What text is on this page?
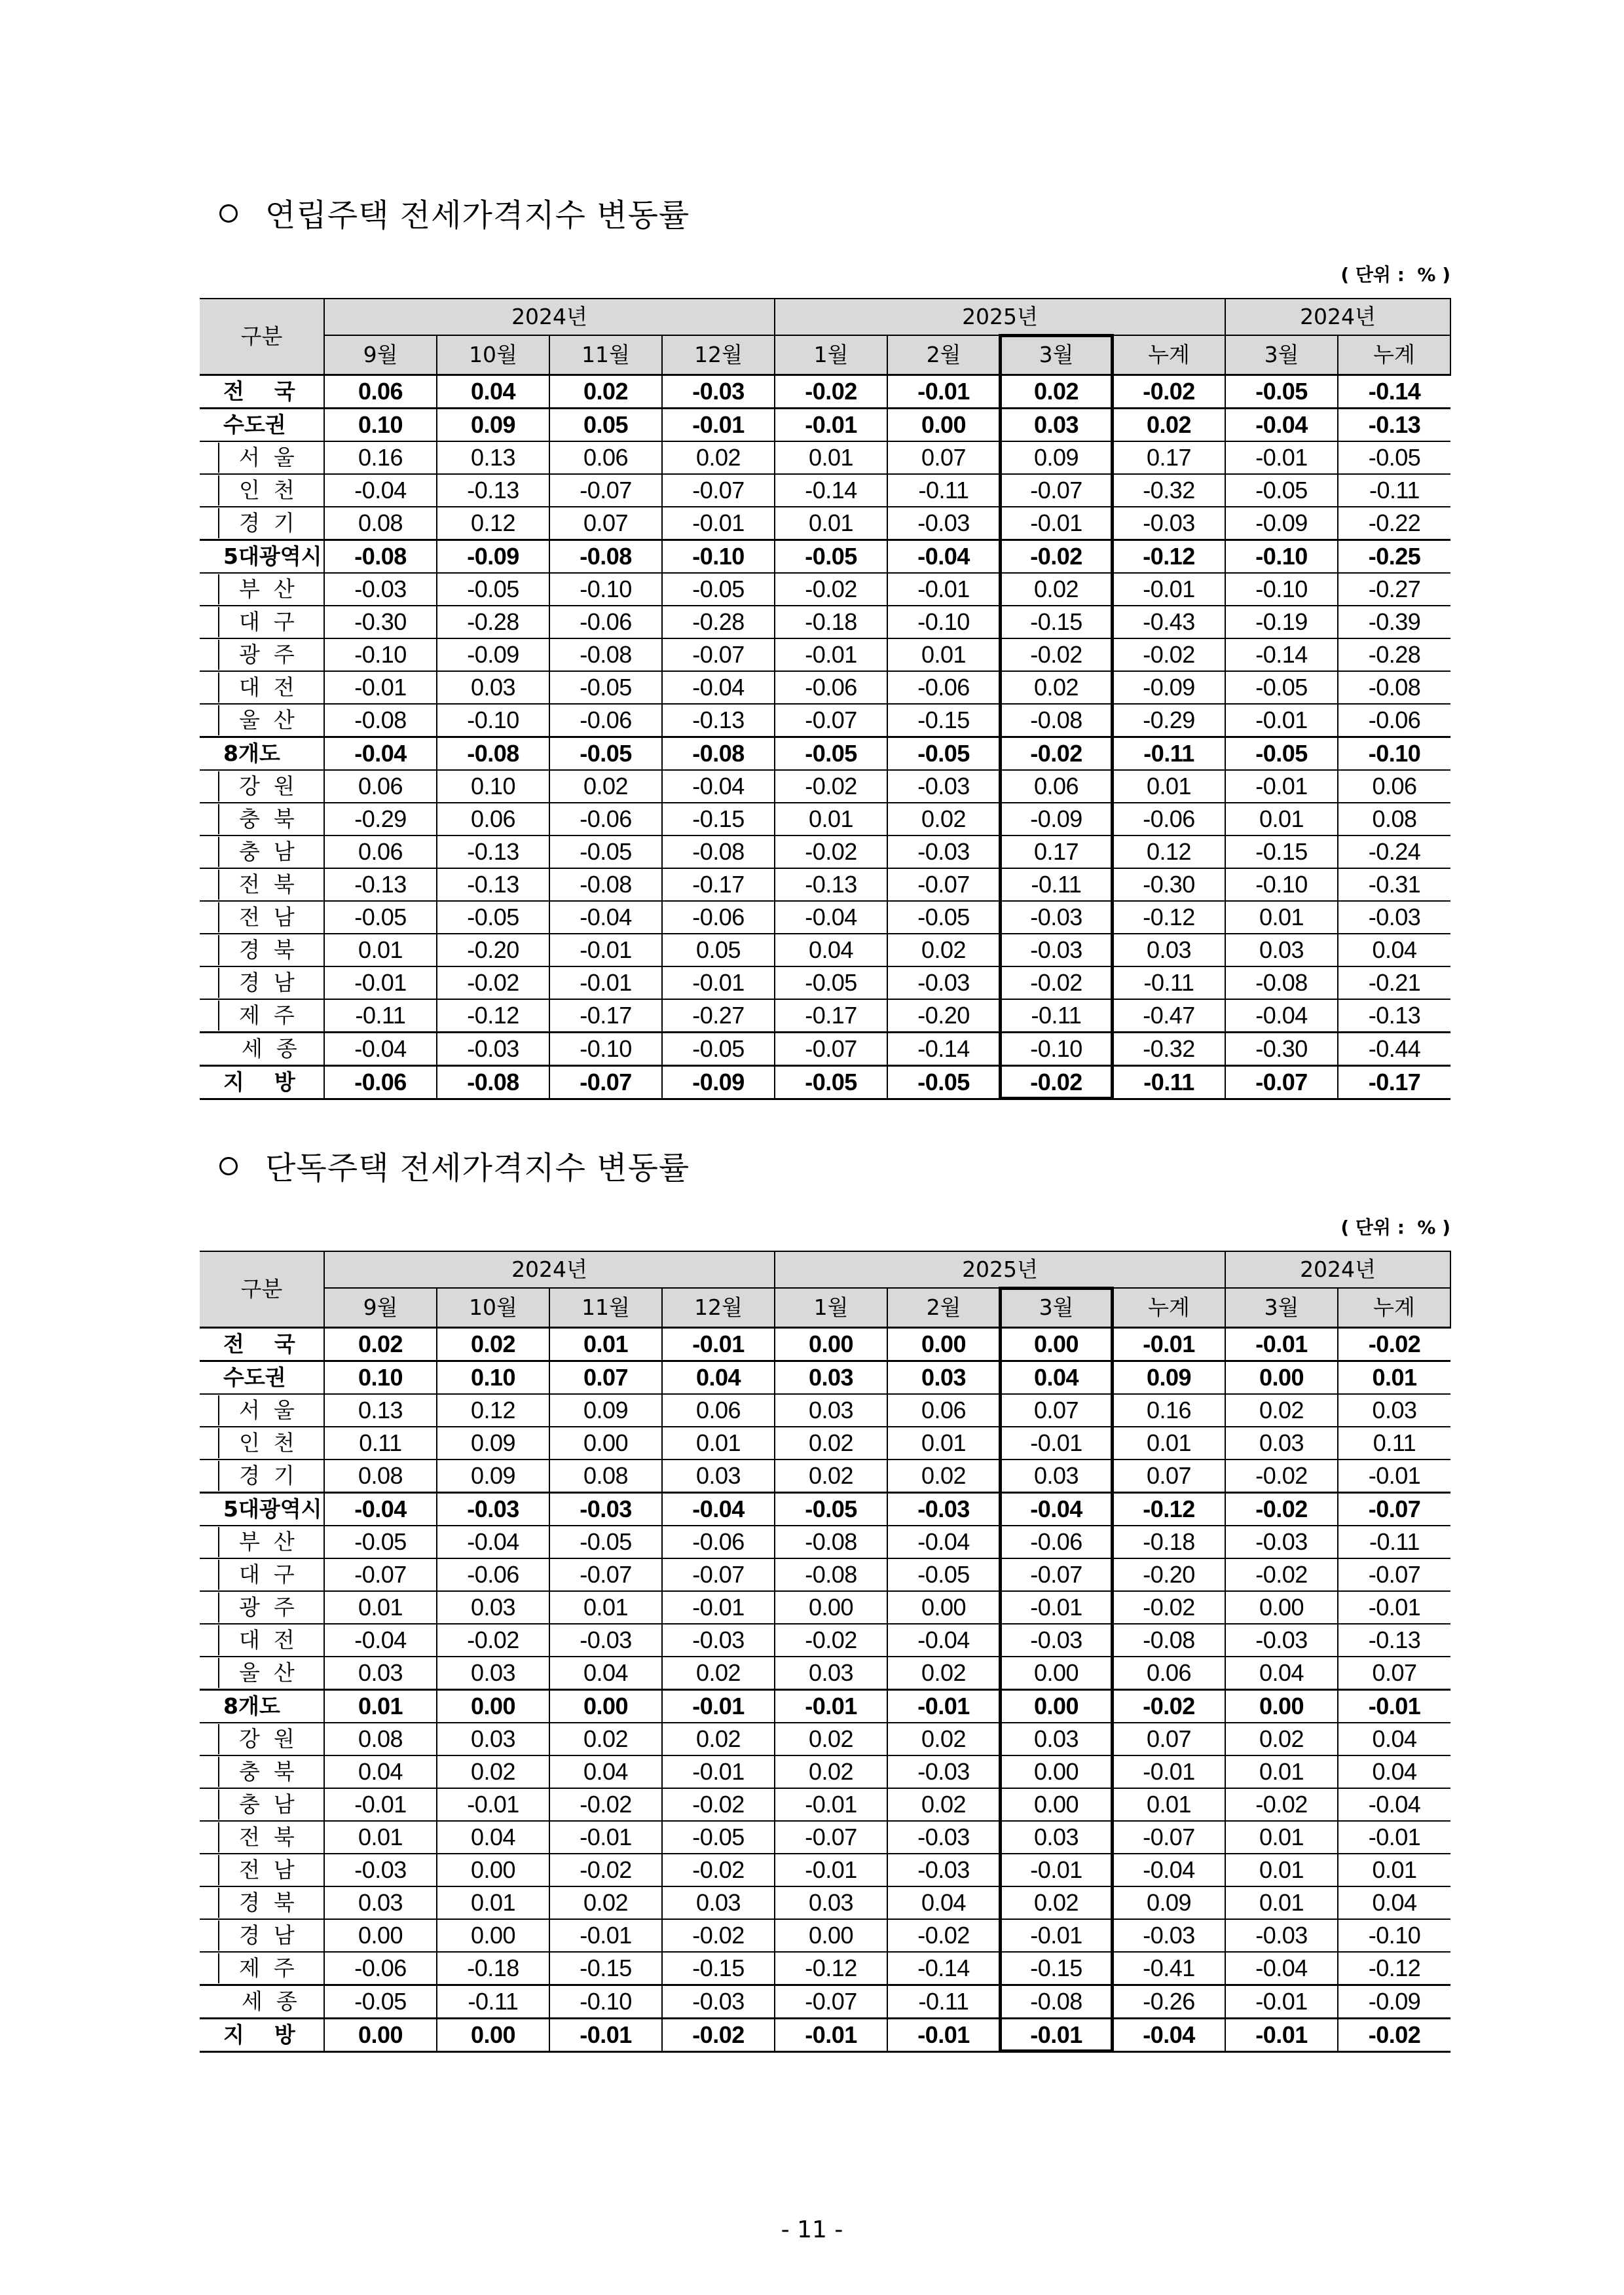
연립주택 전세가격지수 변동률
( 단위 :  % )
구분	2024년				2025년				2024년	
	9월	10월	11월	12월	1월	2월	3월	누계	3월	누계
전    국	0.06	0.04	0.02	-0.03	-0.02	-0.01	0.02	-0.02	-0.05	-0.14
수도권	0.10	0.09	0.05	-0.01	-0.01	0.00	0.03	0.02	-0.04	-0.13
서  울	0.16	0.13	0.06	0.02	0.01	0.07	0.09	0.17	-0.01	-0.05
인  천	-0.04	-0.13	-0.07	-0.07	-0.14	-0.11	-0.07	-0.32	-0.05	-0.11
경  기	0.08	0.12	0.07	-0.01	0.01	-0.03	-0.01	-0.03	-0.09	-0.22
5대광역시	-0.08	-0.09	-0.08	-0.10	-0.05	-0.04	-0.02	-0.12	-0.10	-0.25
부  산	-0.03	-0.05	-0.10	-0.05	-0.02	-0.01	0.02	-0.01	-0.10	-0.27
대  구	-0.30	-0.28	-0.06	-0.28	-0.18	-0.10	-0.15	-0.43	-0.19	-0.39
광  주	-0.10	-0.09	-0.08	-0.07	-0.01	0.01	-0.02	-0.02	-0.14	-0.28
대  전	-0.01	0.03	-0.05	-0.04	-0.06	-0.06	0.02	-0.09	-0.05	-0.08
울  산	-0.08	-0.10	-0.06	-0.13	-0.07	-0.15	-0.08	-0.29	-0.01	-0.06
8개도	-0.04	-0.08	-0.05	-0.08	-0.05	-0.05	-0.02	-0.11	-0.05	-0.10
강  원	0.06	0.10	0.02	-0.04	-0.02	-0.03	0.06	0.01	-0.01	0.06
충  북	-0.29	0.06	-0.06	-0.15	0.01	0.02	-0.09	-0.06	0.01	0.08
충  남	0.06	-0.13	-0.05	-0.08	-0.02	-0.03	0.17	0.12	-0.15	-0.24
전  북	-0.13	-0.13	-0.08	-0.17	-0.13	-0.07	-0.11	-0.30	-0.10	-0.31
전  남	-0.05	-0.05	-0.04	-0.06	-0.04	-0.05	-0.03	-0.12	0.01	-0.03
경  북	0.01	-0.20	-0.01	0.05	0.04	0.02	-0.03	0.03	0.03	0.04
경  남	-0.01	-0.02	-0.01	-0.01	-0.05	-0.03	-0.02	-0.11	-0.08	-0.21
제  주	-0.11	-0.12	-0.17	-0.27	-0.17	-0.20	-0.11	-0.47	-0.04	-0.13
세  종	-0.04	-0.03	-0.10	-0.05	-0.07	-0.14	-0.10	-0.32	-0.30	-0.44
지    방	-0.06	-0.08	-0.07	-0.09	-0.05	-0.05	-0.02	-0.11	-0.07	-0.17
단독주택 전세가격지수 변동률
( 단위 :  % )
구분	2024년				2025년				2024년	
	9월	10월	11월	12월	1월	2월	3월	누계	3월	누계
전    국	0.02	0.02	0.01	-0.01	0.00	0.00	0.00	-0.01	-0.01	-0.02
수도권	0.10	0.10	0.07	0.04	0.03	0.03	0.04	0.09	0.00	0.01
서  울	0.13	0.12	0.09	0.06	0.03	0.06	0.07	0.16	0.02	0.03
인  천	0.11	0.09	0.00	0.01	0.02	0.01	-0.01	0.01	0.03	0.11
경  기	0.08	0.09	0.08	0.03	0.02	0.02	0.03	0.07	-0.02	-0.01
5대광역시	-0.04	-0.03	-0.03	-0.04	-0.05	-0.03	-0.04	-0.12	-0.02	-0.07
부  산	-0.05	-0.04	-0.05	-0.06	-0.08	-0.04	-0.06	-0.18	-0.03	-0.11
대  구	-0.07	-0.06	-0.07	-0.07	-0.08	-0.05	-0.07	-0.20	-0.02	-0.07
광  주	0.01	0.03	0.01	-0.01	0.00	0.00	-0.01	-0.02	0.00	-0.01
대  전	-0.04	-0.02	-0.03	-0.03	-0.02	-0.04	-0.03	-0.08	-0.03	-0.13
울  산	0.03	0.03	0.04	0.02	0.03	0.02	0.00	0.06	0.04	0.07
8개도	0.01	0.00	0.00	-0.01	-0.01	-0.01	0.00	-0.02	0.00	-0.01
강  원	0.08	0.03	0.02	0.02	0.02	0.02	0.03	0.07	0.02	0.04
충  북	0.04	0.02	0.04	-0.01	0.02	-0.03	0.00	-0.01	0.01	0.04
충  남	-0.01	-0.01	-0.02	-0.02	-0.01	0.02	0.00	0.01	-0.02	-0.04
전  북	0.01	0.04	-0.01	-0.05	-0.07	-0.03	0.03	-0.07	0.01	-0.01
전  남	-0.03	0.00	-0.02	-0.02	-0.01	-0.03	-0.01	-0.04	0.01	0.01
경  북	0.03	0.01	0.02	0.03	0.03	0.04	0.02	0.09	0.01	0.04
경  남	0.00	0.00	-0.01	-0.02	0.00	-0.02	-0.01	-0.03	-0.03	-0.10
제  주	-0.06	-0.18	-0.15	-0.15	-0.12	-0.14	-0.15	-0.41	-0.04	-0.12
세  종	-0.05	-0.11	-0.10	-0.03	-0.07	-0.11	-0.08	-0.26	-0.01	-0.09
지    방	0.00	0.00	-0.01	-0.02	-0.01	-0.01	-0.01	-0.04	-0.01	-0.02
- 11 -
